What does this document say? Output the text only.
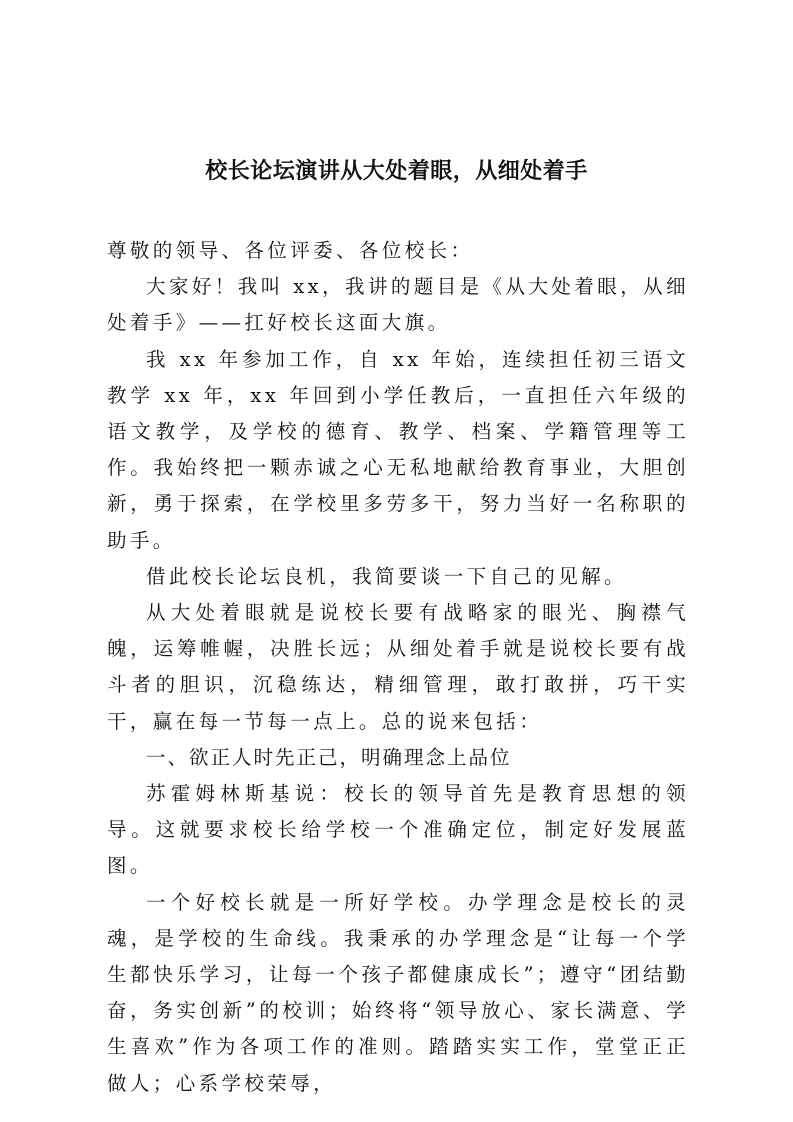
校长论坛演讲从大处着眼，从细处着手

尊敬的领导、各位评委、各位校长：

大家好！我叫 xx，我讲的题目是《从大处着眼，从细处着手》——扛好校长这面大旗。

我 xx 年参加工作，自 xx 年始，连续担任初三语文教学 xx 年，xx 年回到小学任教后，一直担任六年级的语文教学，及学校的德育、教学、档案、学籍管理等工作。我始终把一颗赤诚之心无私地献给教育事业，大胆创新，勇于探索，在学校里多劳多干，努力当好一名称职的助手。

借此校长论坛良机，我简要谈一下自己的见解。

从大处着眼就是说校长要有战略家的眼光、胸襟气魄，运筹帷幄，决胜长远；从细处着手就是说校长要有战斗者的胆识，沉稳练达，精细管理，敢打敢拼，巧干实干，赢在每一节每一点上。总的说来包括：

一、欲正人时先正己，明确理念上品位

苏霍姆林斯基说：校长的领导首先是教育思想的领导。这就要求校长给学校一个准确定位，制定好发展蓝图。

一个好校长就是一所好学校。办学理念是校长的灵魂，是学校的生命线。我秉承的办学理念是“让每一个学生都快乐学习，让每一个孩子都健康成长”；遵守“团结勤奋，务实创新”的校训；始终将“领导放心、家长满意、学生喜欢”作为各项工作的准则。踏踏实实工作，堂堂正正做人；心系学校荣辱，
